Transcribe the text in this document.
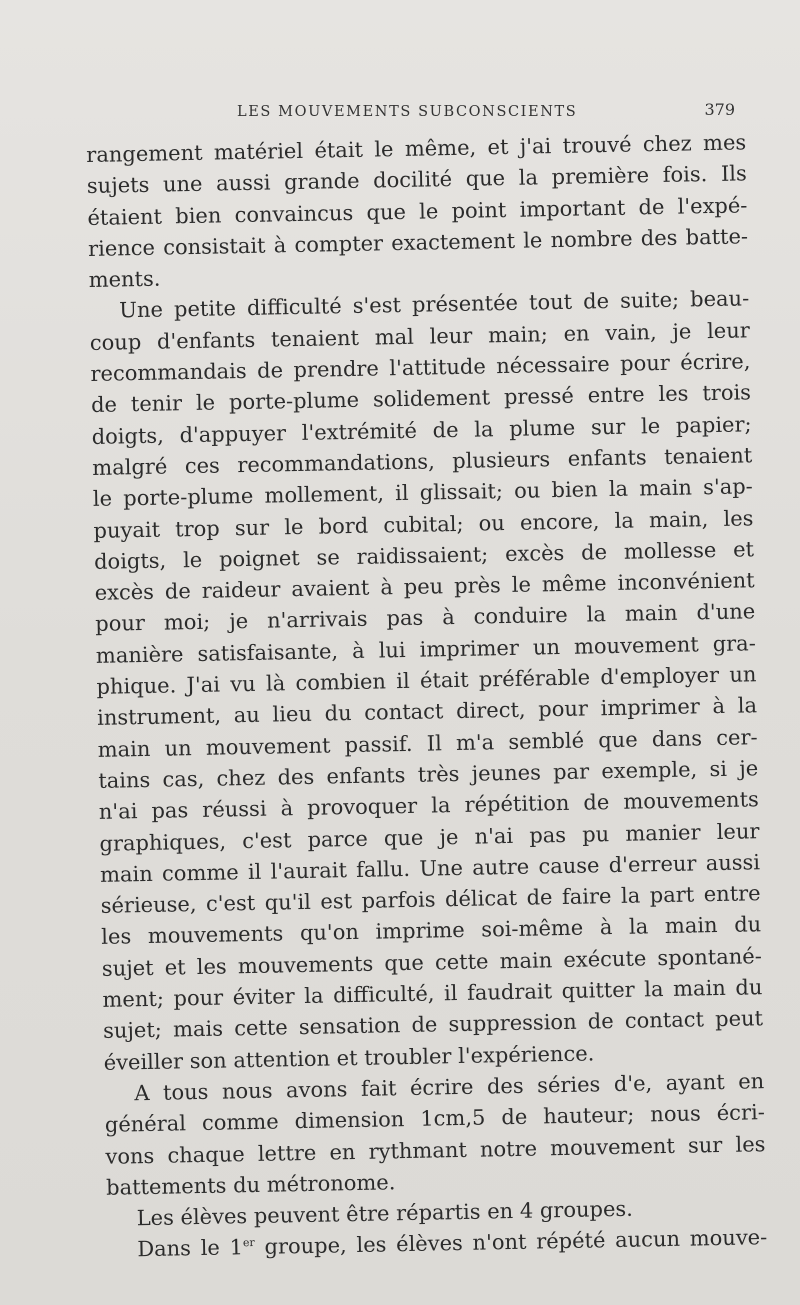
LES MOUVEMENTS SUBCONSCIENTS	379
rangement matériel était le même, et j'ai trouvé chez mes
sujets une aussi grande docilité que la première fois. Ils
étaient bien convaincus que le point important de l'expé-
rience consistait à compter exactement le nombre des batte-
ments.
Une petite difficulté s'est présentée tout de suite; beau-
coup d'enfants tenaient mal leur main; en vain, je leur
recommandais de prendre l'attitude nécessaire pour écrire,
de tenir le porte-plume solidement pressé entre les trois
doigts, d'appuyer l'extrémité de la plume sur le papier;
malgré ces recommandations, plusieurs enfants tenaient
le porte-plume mollement, il glissait; ou bien la main s'ap-
puyait trop sur le bord cubital; ou encore, la main, les
doigts, le poignet se raidissaient; excès de mollesse et
excès de raideur avaient à peu près le même inconvénient
pour moi; je n'arrivais pas à conduire la main d'une
manière satisfaisante, à lui imprimer un mouvement gra-
phique. J'ai vu là combien il était préférable d'employer un
instrument, au lieu du contact direct, pour imprimer à la
main un mouvement passif. Il m'a semblé que dans cer-
tains cas, chez des enfants très jeunes par exemple, si je
n'ai pas réussi à provoquer la répétition de mouvements
graphiques, c'est parce que je n'ai pas pu manier leur
main comme il l'aurait fallu. Une autre cause d'erreur aussi
sérieuse, c'est qu'il est parfois délicat de faire la part entre
les mouvements qu'on imprime soi-même à la main du
sujet et les mouvements que cette main exécute spontané-
ment; pour éviter la difficulté, il faudrait quitter la main du
sujet; mais cette sensation de suppression de contact peut
éveiller son attention et troubler l'expérience.
A tous nous avons fait écrire des séries d'e, ayant en
général comme dimension 1cm,5 de hauteur; nous écri-
vons chaque lettre en rythmant notre mouvement sur les
battements du métronome.
Les élèves peuvent être répartis en 4 groupes.
Dans le 1er groupe, les élèves n'ont répété aucun mouve-
